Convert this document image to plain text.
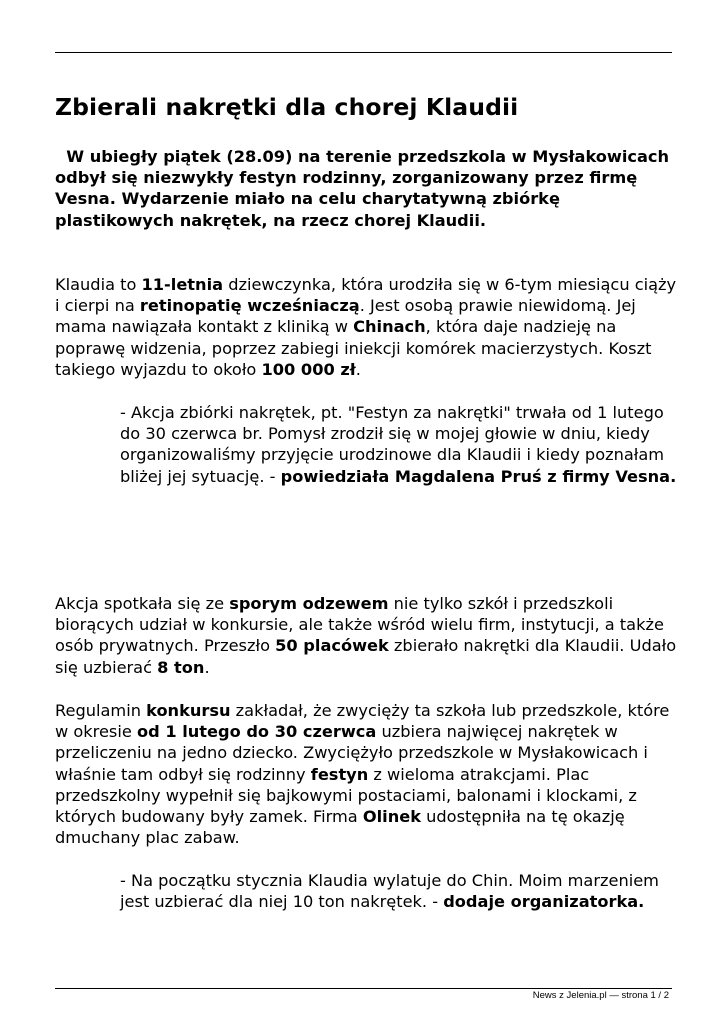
Zbierali nakrętki dla chorej Klaudii

W ubiegły piątek (28.09) na terenie przedszkola w Mysłakowicach odbył się niezwykły festyn rodzinny, zorganizowany przez firmę Vesna. Wydarzenie miało na celu charytatywną zbiórkę plastikowych nakrętek, na rzecz chorej Klaudii.

Klaudia to 11-letnia dziewczynka, która urodziła się w 6-tym miesiącu ciąży i cierpi na retinopatię wcześniaczą. Jest osobą prawie niewidomą. Jej mama nawiązała kontakt z kliniką w Chinach, która daje nadzieję na poprawę widzenia, poprzez zabiegi iniekcji komórek macierzystych. Koszt takiego wyjazdu to około 100 000 zł.

- Akcja zbiórki nakrętek, pt. "Festyn za nakrętki" trwała od 1 lutego do 30 czerwca br. Pomysł zrodził się w mojej głowie w dniu, kiedy organizowaliśmy przyjęcie urodzinowe dla Klaudii i kiedy poznałam bliżej jej sytuację. - powiedziała Magdalena Pruś z firmy Vesna.

Akcja spotkała się ze sporym odzewem nie tylko szkół i przedszkoli biorących udział w konkursie, ale także wśród wielu firm, instytucji, a także osób prywatnych. Przeszło 50 placówek zbierało nakrętki dla Klaudii. Udało się uzbierać 8 ton.

Regulamin konkursu zakładał, że zwycięży ta szkoła lub przedszkole, które w okresie od 1 lutego do 30 czerwca uzbiera najwięcej nakrętek w przeliczeniu na jedno dziecko. Zwyciężyło przedszkole w Mysłakowicach i właśnie tam odbył się rodzinny festyn z wieloma atrakcjami. Plac przedszkolny wypełnił się bajkowymi postaciami, balonami i klockami, z których budowany były zamek. Firma Olinek udostępniła na tę okazję dmuchany plac zabaw.

- Na początku stycznia Klaudia wylatuje do Chin. Moim marzeniem jest uzbierać dla niej 10 ton nakrętek. - dodaje organizatorka.

News z Jelenia.pl — strona 1 / 2
